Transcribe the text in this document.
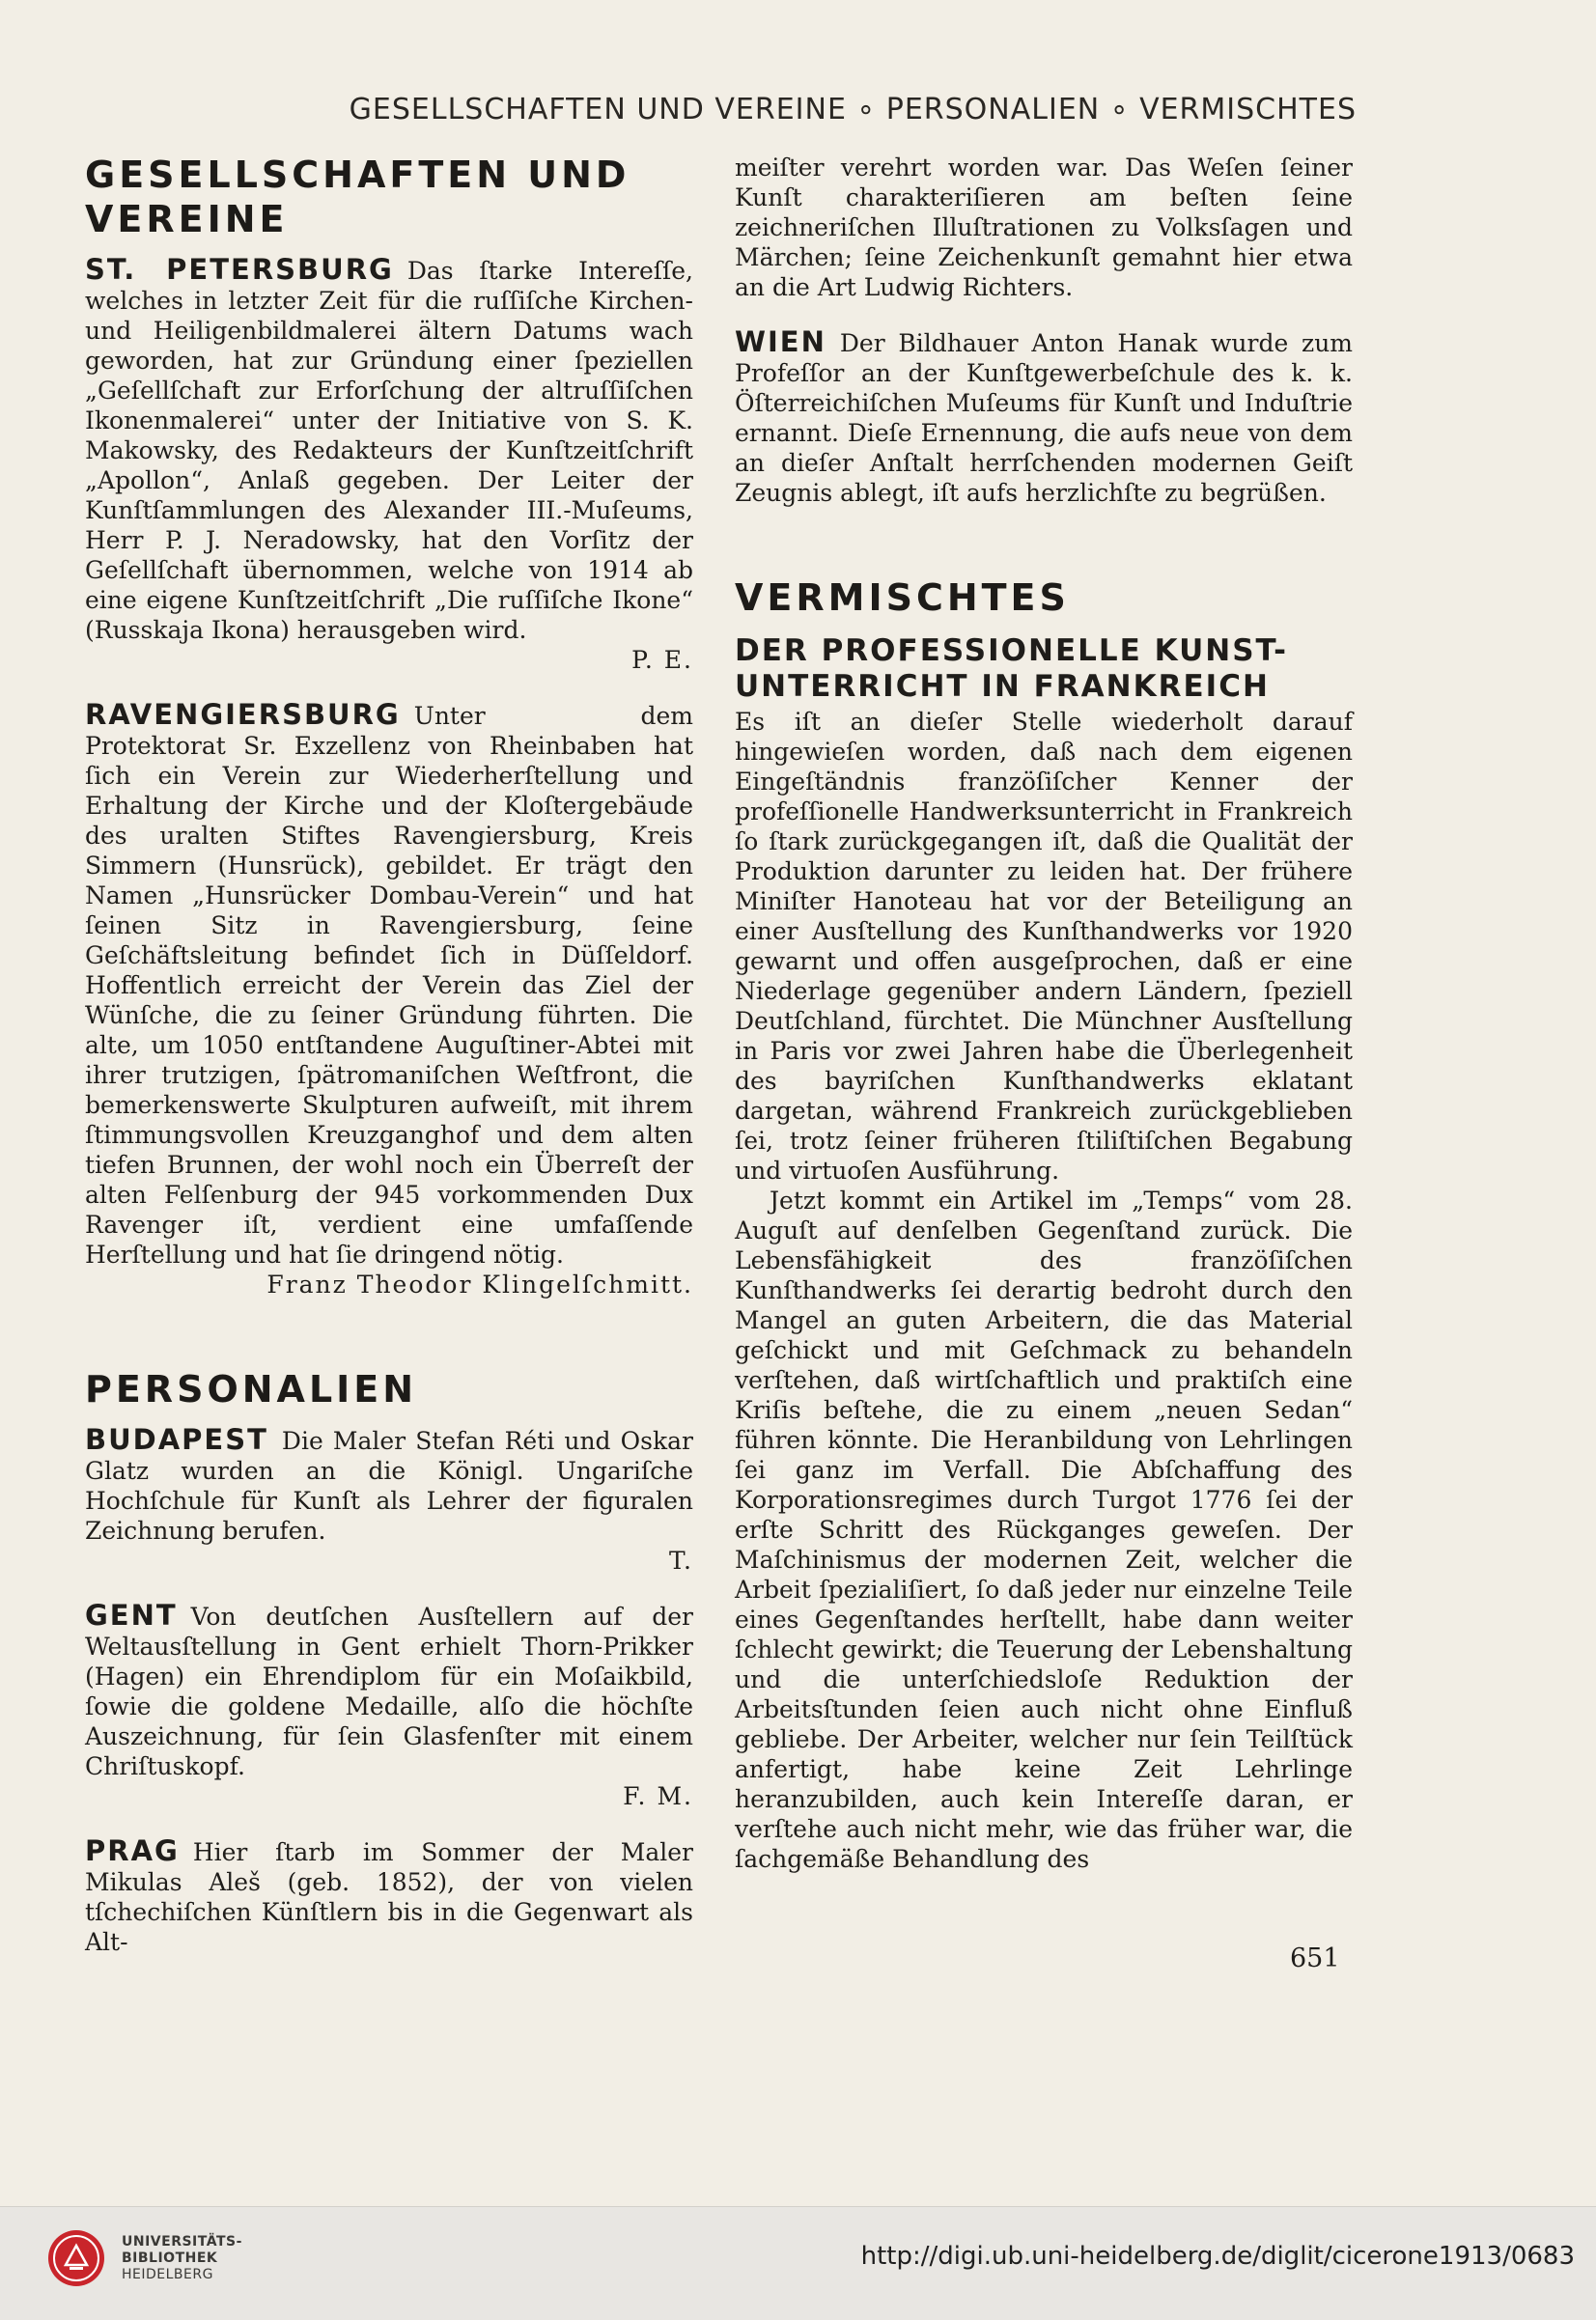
GESELLSCHAFTEN UND VEREINE ∘ PERSONALIEN ∘ VERMISCHTES
GESELLSCHAFTEN UND VEREINE

ST. PETERSBURG Das ſtarke Intereſſe, welches in letzter Zeit für die ruſſiſche Kirchen- und Heiligenbildmalerei ältern Datums wach geworden, hat zur Gründung einer ſpeziellen „Geſellſchaft zur Erforſchung der altruſſiſchen Ikonenmalerei“ unter der Initiative von S. K. Makowsky, des Redakteurs der Kunſtzeitſchrift „Apollon“, Anlaß gegeben. Der Leiter der Kunſtſammlungen des Alexander III.-Muſeums, Herr P. J. Neradowsky, hat den Vorſitz der Geſellſchaft übernommen, welche von 1914 ab eine eigene Kunſtzeitſchrift „Die ruſſiſche Ikone“ (Russkaja Ikona) herausgeben wird.

P. E.

RAVENGIERSBURG Unter dem Protektorat Sr. Exzellenz von Rheinbaben hat ſich ein Verein zur Wiederherſtellung und Erhaltung der Kirche und der Kloſtergebäude des uralten Stiftes Ravengiersburg, Kreis Simmern (Hunsrück), gebildet. Er trägt den Namen „Hunsrücker Dombau-Verein“ und hat ſeinen Sitz in Ravengiersburg, ſeine Geſchäftsleitung befindet ſich in Düſſeldorf. Hoffentlich erreicht der Verein das Ziel der Wünſche, die zu ſeiner Gründung führten. Die alte, um 1050 entſtandene Auguſtiner-Abtei mit ihrer trutzigen, ſpätromaniſchen Weſtfront, die bemerkenswerte Skulpturen aufweiſt, mit ihrem ſtimmungsvollen Kreuzganghof und dem alten tiefen Brunnen, der wohl noch ein Überreſt der alten Felſenburg der 945 vorkommenden Dux Ravenger iſt, verdient eine umfaſſende Herſtellung und hat ſie dringend nötig.

Franz Theodor Klingelſchmitt.

PERSONALIEN

BUDAPEST Die Maler Stefan Réti und Oskar Glatz wurden an die Königl. Ungariſche Hochſchule für Kunſt als Lehrer der figuralen Zeichnung berufen.

T.

GENT Von deutſchen Ausſtellern auf der Weltausſtellung in Gent erhielt Thorn-Prikker (Hagen) ein Ehrendiplom für ein Moſaikbild, ſowie die goldene Medaille, alſo die höchſte Auszeichnung, für ſein Glasfenſter mit einem Chriſtuskopf.

F. M.

PRAG Hier ſtarb im Sommer der Maler Mikulas Aleš (geb. 1852), der von vielen tſchechiſchen Künſtlern bis in die Gegenwart als Alt-

meiſter verehrt worden war. Das Weſen ſeiner Kunſt charakteriſieren am beſten ſeine zeichneriſchen Illuſtrationen zu Volksſagen und Märchen; ſeine Zeichenkunſt gemahnt hier etwa an die Art Ludwig Richters.

WIEN Der Bildhauer Anton Hanak wurde zum Profeſſor an der Kunſtgewerbeſchule des k. k. Öſterreichiſchen Muſeums für Kunſt und Induſtrie ernannt. Dieſe Ernennung, die aufs neue von dem an dieſer Anſtalt herrſchenden modernen Geiſt Zeugnis ablegt, iſt aufs herzlichſte zu begrüßen.

VERMISCHTES
DER PROFESSIONELLE KUNST-UNTERRICHT IN FRANKREICH

Es iſt an dieſer Stelle wiederholt darauf hingewieſen worden, daß nach dem eigenen Eingeſtändnis franzöſiſcher Kenner der profeſſionelle Handwerksunterricht in Frankreich ſo ſtark zurückgegangen iſt, daß die Qualität der Produktion darunter zu leiden hat. Der frühere Miniſter Hanoteau hat vor der Beteiligung an einer Ausſtellung des Kunſthandwerks vor 1920 gewarnt und offen ausgeſprochen, daß er eine Niederlage gegenüber andern Ländern, ſpeziell Deutſchland, fürchtet. Die Münchner Ausſtellung in Paris vor zwei Jahren habe die Überlegenheit des bayriſchen Kunſthandwerks eklatant dargetan, während Frankreich zurückgeblieben ſei, trotz ſeiner früheren ſtiliſtiſchen Begabung und virtuoſen Ausführung.

Jetzt kommt ein Artikel im „Temps“ vom 28. Auguſt auf denſelben Gegenſtand zurück. Die Lebensfähigkeit des franzöſiſchen Kunſthandwerks ſei derartig bedroht durch den Mangel an guten Arbeitern, die das Material geſchickt und mit Geſchmack zu behandeln verſtehen, daß wirtſchaftlich und praktiſch eine Kriſis beſtehe, die zu einem „neuen Sedan“ führen könnte. Die Heranbildung von Lehrlingen ſei ganz im Verfall. Die Abſchaffung des Korporationsregimes durch Turgot 1776 ſei der erſte Schritt des Rückganges geweſen. Der Maſchinismus der modernen Zeit, welcher die Arbeit ſpezialiſiert, ſo daß jeder nur einzelne Teile eines Gegenſtandes herſtellt, habe dann weiter ſchlecht gewirkt; die Teuerung der Lebenshaltung und die unterſchiedsloſe Reduktion der Arbeitsſtunden ſeien auch nicht ohne Einfluß gebliebe. Der Arbeiter, welcher nur ſein Teilſtück anfertigt, habe keine Zeit Lehrlinge heranzubilden, auch kein Intereſſe daran, er verſtehe auch nicht mehr, wie das früher war, die ſachgemäße Behandlung des

651
UNIVERSITÄTS-
BIBLIOTHEK
HEIDELBERG
http://digi.ub.uni-heidelberg.de/diglit/cicerone1913/0683
